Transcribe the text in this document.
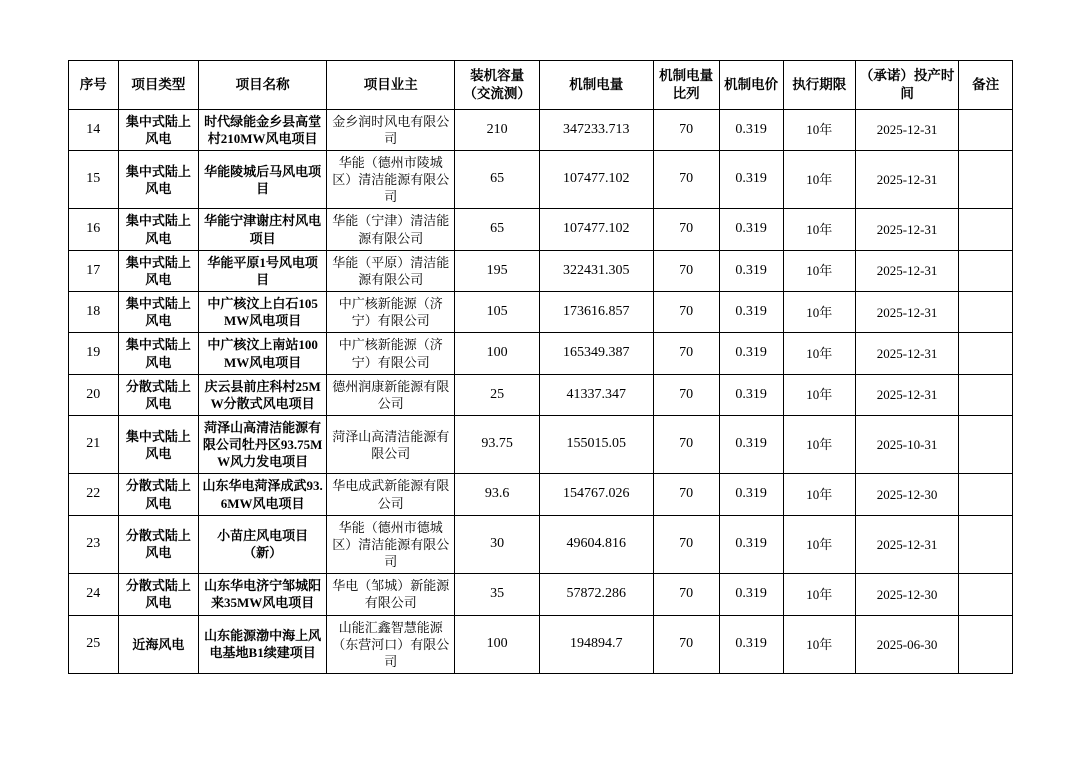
序号	项目类型	项目名称	项目业主	装机容量（交流测）	机制电量	机制电量比列	机制电价	执行期限	（承诺）投产时间	备注
14	集中式陆上风电	时代绿能金乡县高堂村210MW风电项目	金乡润时风电有限公司	210	347233.713	70	0.319	10年	2025-12-31	
15	集中式陆上风电	华能陵城后马风电项目	华能（德州市陵城区）清洁能源有限公司	65	107477.102	70	0.319	10年	2025-12-31	
16	集中式陆上风电	华能宁津谢庄村风电项目	华能（宁津）清洁能源有限公司	65	107477.102	70	0.319	10年	2025-12-31	
17	集中式陆上风电	华能平原1号风电项目	华能（平原）清洁能源有限公司	195	322431.305	70	0.319	10年	2025-12-31	
18	集中式陆上风电	中广核汶上白石105MW风电项目	中广核新能源（济宁）有限公司	105	173616.857	70	0.319	10年	2025-12-31	
19	集中式陆上风电	中广核汶上南站100MW风电项目	中广核新能源（济宁）有限公司	100	165349.387	70	0.319	10年	2025-12-31	
20	分散式陆上风电	庆云县前庄科村25MW分散式风电项目	德州润康新能源有限公司	25	41337.347	70	0.319	10年	2025-12-31	
21	集中式陆上风电	菏泽山高清洁能源有限公司牡丹区93.75MW风力发电项目	菏泽山高清洁能源有限公司	93.75	155015.05	70	0.319	10年	2025-10-31	
22	分散式陆上风电	山东华电菏泽成武93.6MW风电项目	华电成武新能源有限公司	93.6	154767.026	70	0.319	10年	2025-12-30	
23	分散式陆上风电	小苗庄风电项目（新）	华能（德州市德城区）清洁能源有限公司	30	49604.816	70	0.319	10年	2025-12-31	
24	分散式陆上风电	山东华电济宁邹城阳来35MW风电项目	华电（邹城）新能源有限公司	35	57872.286	70	0.319	10年	2025-12-30	
25	近海风电	山东能源渤中海上风电基地B1续建项目	山能汇鑫智慧能源（东营河口）有限公司	100	194894.7	70	0.319	10年	2025-06-30	
